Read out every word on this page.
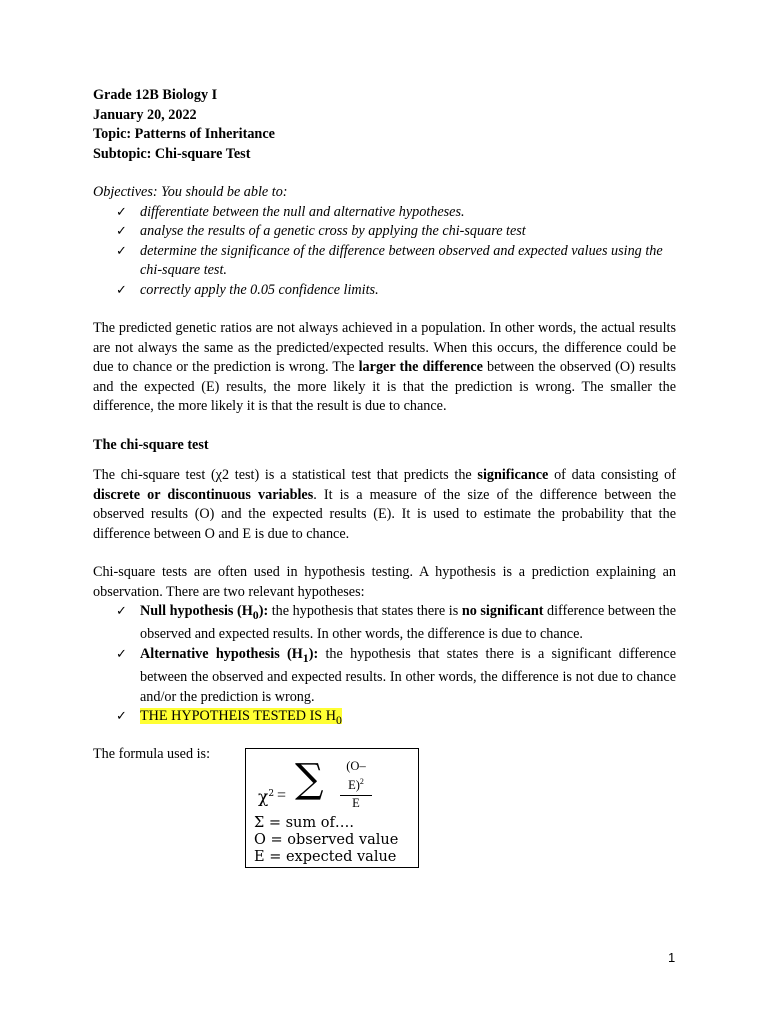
Grade 12B Biology I
January 20, 2022
Topic: Patterns of Inheritance
Subtopic: Chi-square Test
Objectives: You should be able to:
✓ differentiate between the null and alternative hypotheses.
✓ analyse the results of a genetic cross by applying the chi-square test
✓ determine the significance of the difference between observed and expected values using the chi-square test.
✓ correctly apply the 0.05 confidence limits.

The predicted genetic ratios are not always achieved in a population. In other words, the actual results are not always the same as the predicted/expected results. When this occurs, the difference could be due to chance or the prediction is wrong. The larger the difference between the observed (O) results and the expected (E) results, the more likely it is that the prediction is wrong. The smaller the difference, the more likely it is that the result is due to chance.

The chi-square test

The chi-square test (χ2 test) is a statistical test that predicts the significance of data consisting of discrete or discontinuous variables. It is a measure of the size of the difference between the observed results (O) and the expected results (E). It is used to estimate the probability that the difference between O and E is due to chance.

Chi-square tests are often used in hypothesis testing. A hypothesis is a prediction explaining an observation. There are two relevant hypotheses:

✓ Null hypothesis $(H_0)$: the hypothesis that states there is no significant difference between the observed and expected results. In other words, the difference is due to chance.
✓ Alternative hypothesis $(H_1)$: the hypothesis that states there is a significant difference between the observed and expected results. In other words, the difference is not due to chance and/or the prediction is wrong.
✓ THE HYPOTHEIS TESTED IS $H_0$
The formula used is:
$\chi^2$ = ∑ $\frac{(O-E)^2}{E}$
Σ = sum of….
O = observed value
E = expected value
1
